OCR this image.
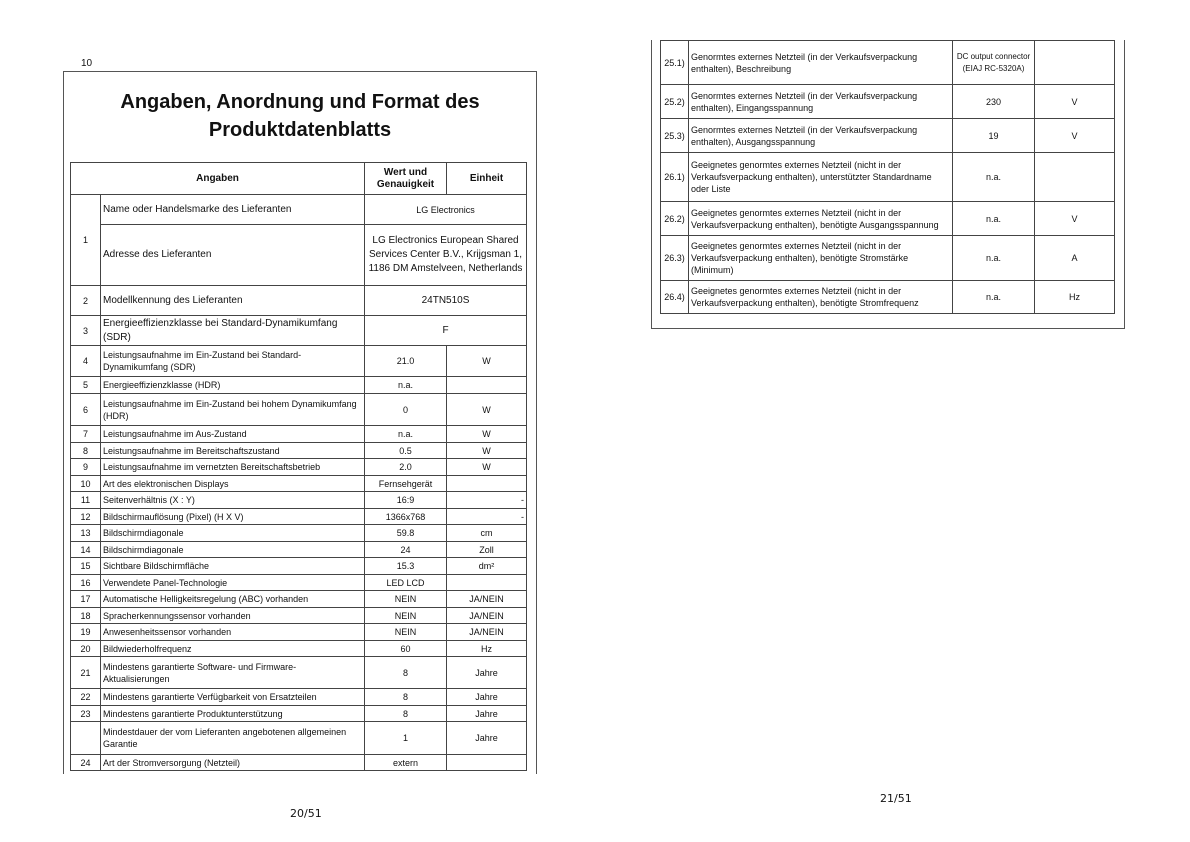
10
Angaben, Anordnung und Format des Produktdatenblatts
Angaben		Wert und Genauigkeit	Einheit
1	Name oder Handelsmarke des Lieferanten	LG Electronics	
	Adresse des Lieferanten	LG Electronics European Shared Services Center B.V., Krijgsman 1, 1186 DM Amstelveen, Netherlands	
2	Modellkennung des Lieferanten	24TN510S	
3	Energieeffizienzklasse bei Standard-Dynamikumfang (SDR)	F	
4	Leistungsaufnahme im Ein-Zustand bei Standard-Dynamikumfang (SDR)	21.0	W
5	Energieeffizienzklasse (HDR)	n.a.	
6	Leistungsaufnahme im Ein-Zustand bei hohem Dynamikumfang (HDR)	0	W
7	Leistungsaufnahme im Aus-Zustand	n.a.	W
8	Leistungsaufnahme im Bereitschaftszustand	0.5	W
9	Leistungsaufnahme im vernetzten Bereitschaftsbetrieb	2.0	W
10	Art des elektronischen Displays	Fernsehgerät	
11	Seitenverhältnis (X : Y)	16:9	-
12	Bildschirmauflösung (Pixel) (H X V)	1366x768	-
13	Bildschirmdiagonale	59.8	cm
14	Bildschirmdiagonale	24	Zoll
15	Sichtbare Bildschirmfläche	15.3	dm²
16	Verwendete Panel-Technologie	LED LCD	
17	Automatische Helligkeitsregelung (ABC) vorhanden	NEIN	JA/NEIN
18	Spracherkennungssensor vorhanden	NEIN	JA/NEIN
19	Anwesenheitssensor vorhanden	NEIN	JA/NEIN
20	Bildwiederholfrequenz	60	Hz
21	Mindestens garantierte Software- und Firmware-Aktualisierungen	8	Jahre
22	Mindestens garantierte Verfügbarkeit von Ersatzteilen	8	Jahre
23	Mindestens garantierte Produktunterstützung	8	Jahre
	Mindestdauer der vom Lieferanten angebotenen allgemeinen Garantie	1	Jahre
24	Art der Stromversorgung (Netzteil)	extern	
20/51
25.1)	Genormtes externes Netzteil (in der Verkaufsverpackung enthalten), Beschreibung	DC output connector (EIAJ RC-5320A)	
25.2)	Genormtes externes Netzteil (in der Verkaufsverpackung enthalten), Eingangsspannung	230	V
25.3)	Genormtes externes Netzteil (in der Verkaufsverpackung enthalten), Ausgangsspannung	19	V
26.1)	Geeignetes genormtes externes Netzteil (nicht in der Verkaufsverpackung enthalten), unterstützter Standardname oder Liste	n.a.	
26.2)	Geeignetes genormtes externes Netzteil (nicht in der Verkaufsverpackung enthalten), benötigte Ausgangsspannung	n.a.	V
26.3)	Geeignetes genormtes externes Netzteil (nicht in der Verkaufsverpackung enthalten), benötigte Stromstärke (Minimum)	n.a.	A
26.4)	Geeignetes genormtes externes Netzteil (nicht in der Verkaufsverpackung enthalten), benötigte Stromfrequenz	n.a.	Hz
21/51
